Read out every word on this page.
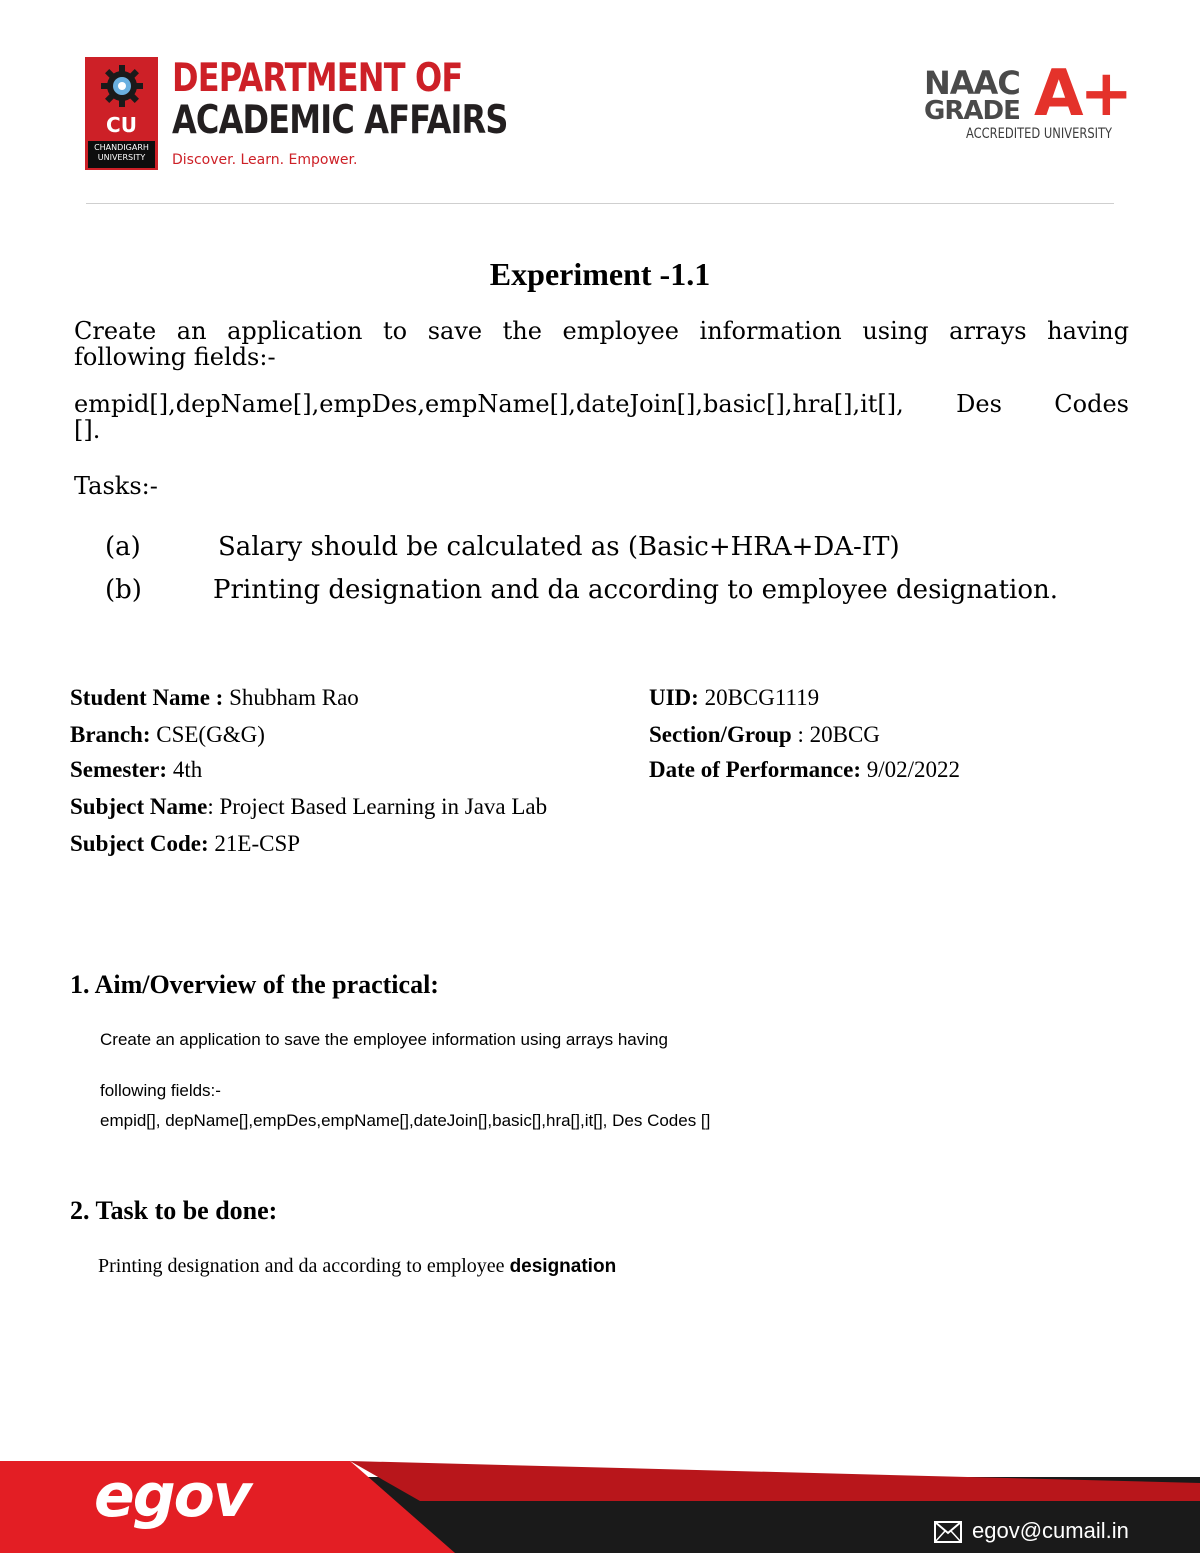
CU
CHANDIGARH UNIVERSITY
DEPARTMENT OF
ACADEMIC AFFAIRS
Discover. Learn. Empower.
NAAC
GRADE A+
ACCREDITED UNIVERSITY
Experiment -1.1
Create an application to save the employee information using arrays having
following fields:-
empid[],depName[],empDes,empName[],dateJoin[],basic[],hra[],it[], Des Codes
[].
Tasks:-
(a)	Salary should be calculated as (Basic+HRA+DA-IT)
(b)	Printing designation and da according to employee designation.
Student Name : Shubham Rao	UID: 20BCG1119
Branch: CSE(G&G)	Section/Group : 20BCG
Semester: 4th	Date of Performance: 9/02/2022
Subject Name: Project Based Learning in Java Lab
Subject Code: 21E-CSP
1. Aim/Overview of the practical:
Create an application to save the employee information using arrays having
following fields:-
empid[], depName[],empDes,empName[],dateJoin[],basic[],hra[],it[], Des Codes []
2. Task to be done:
Printing designation and da according to employee designation
egov	egov@cumail.in
